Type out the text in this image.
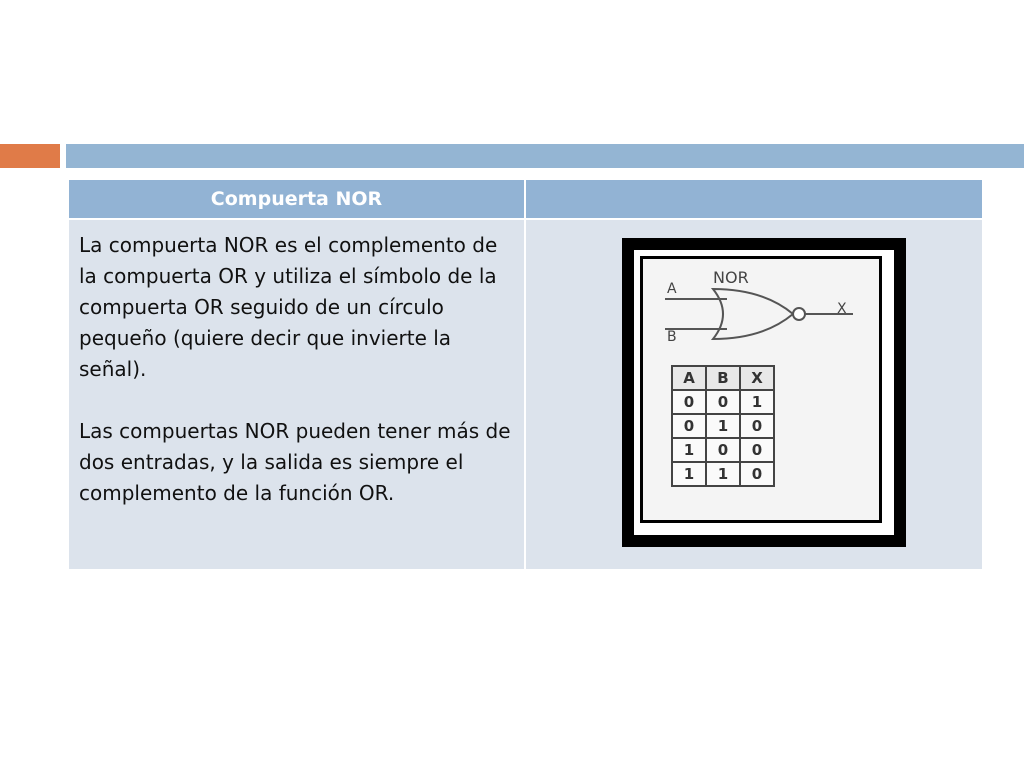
Compuerta NOR

La compuerta NOR es el complemento de la compuerta OR y utiliza el símbolo de la compuerta OR seguido de un círculo pequeño (quiere decir que invierte la señal).

Las compuertas NOR pueden tener más de dos entradas, y la salida es siempre el complemento de la función OR.

NOR
A
B
X
A	B	X
0	0	1
0	1	0
1	0	0
1	1	0
